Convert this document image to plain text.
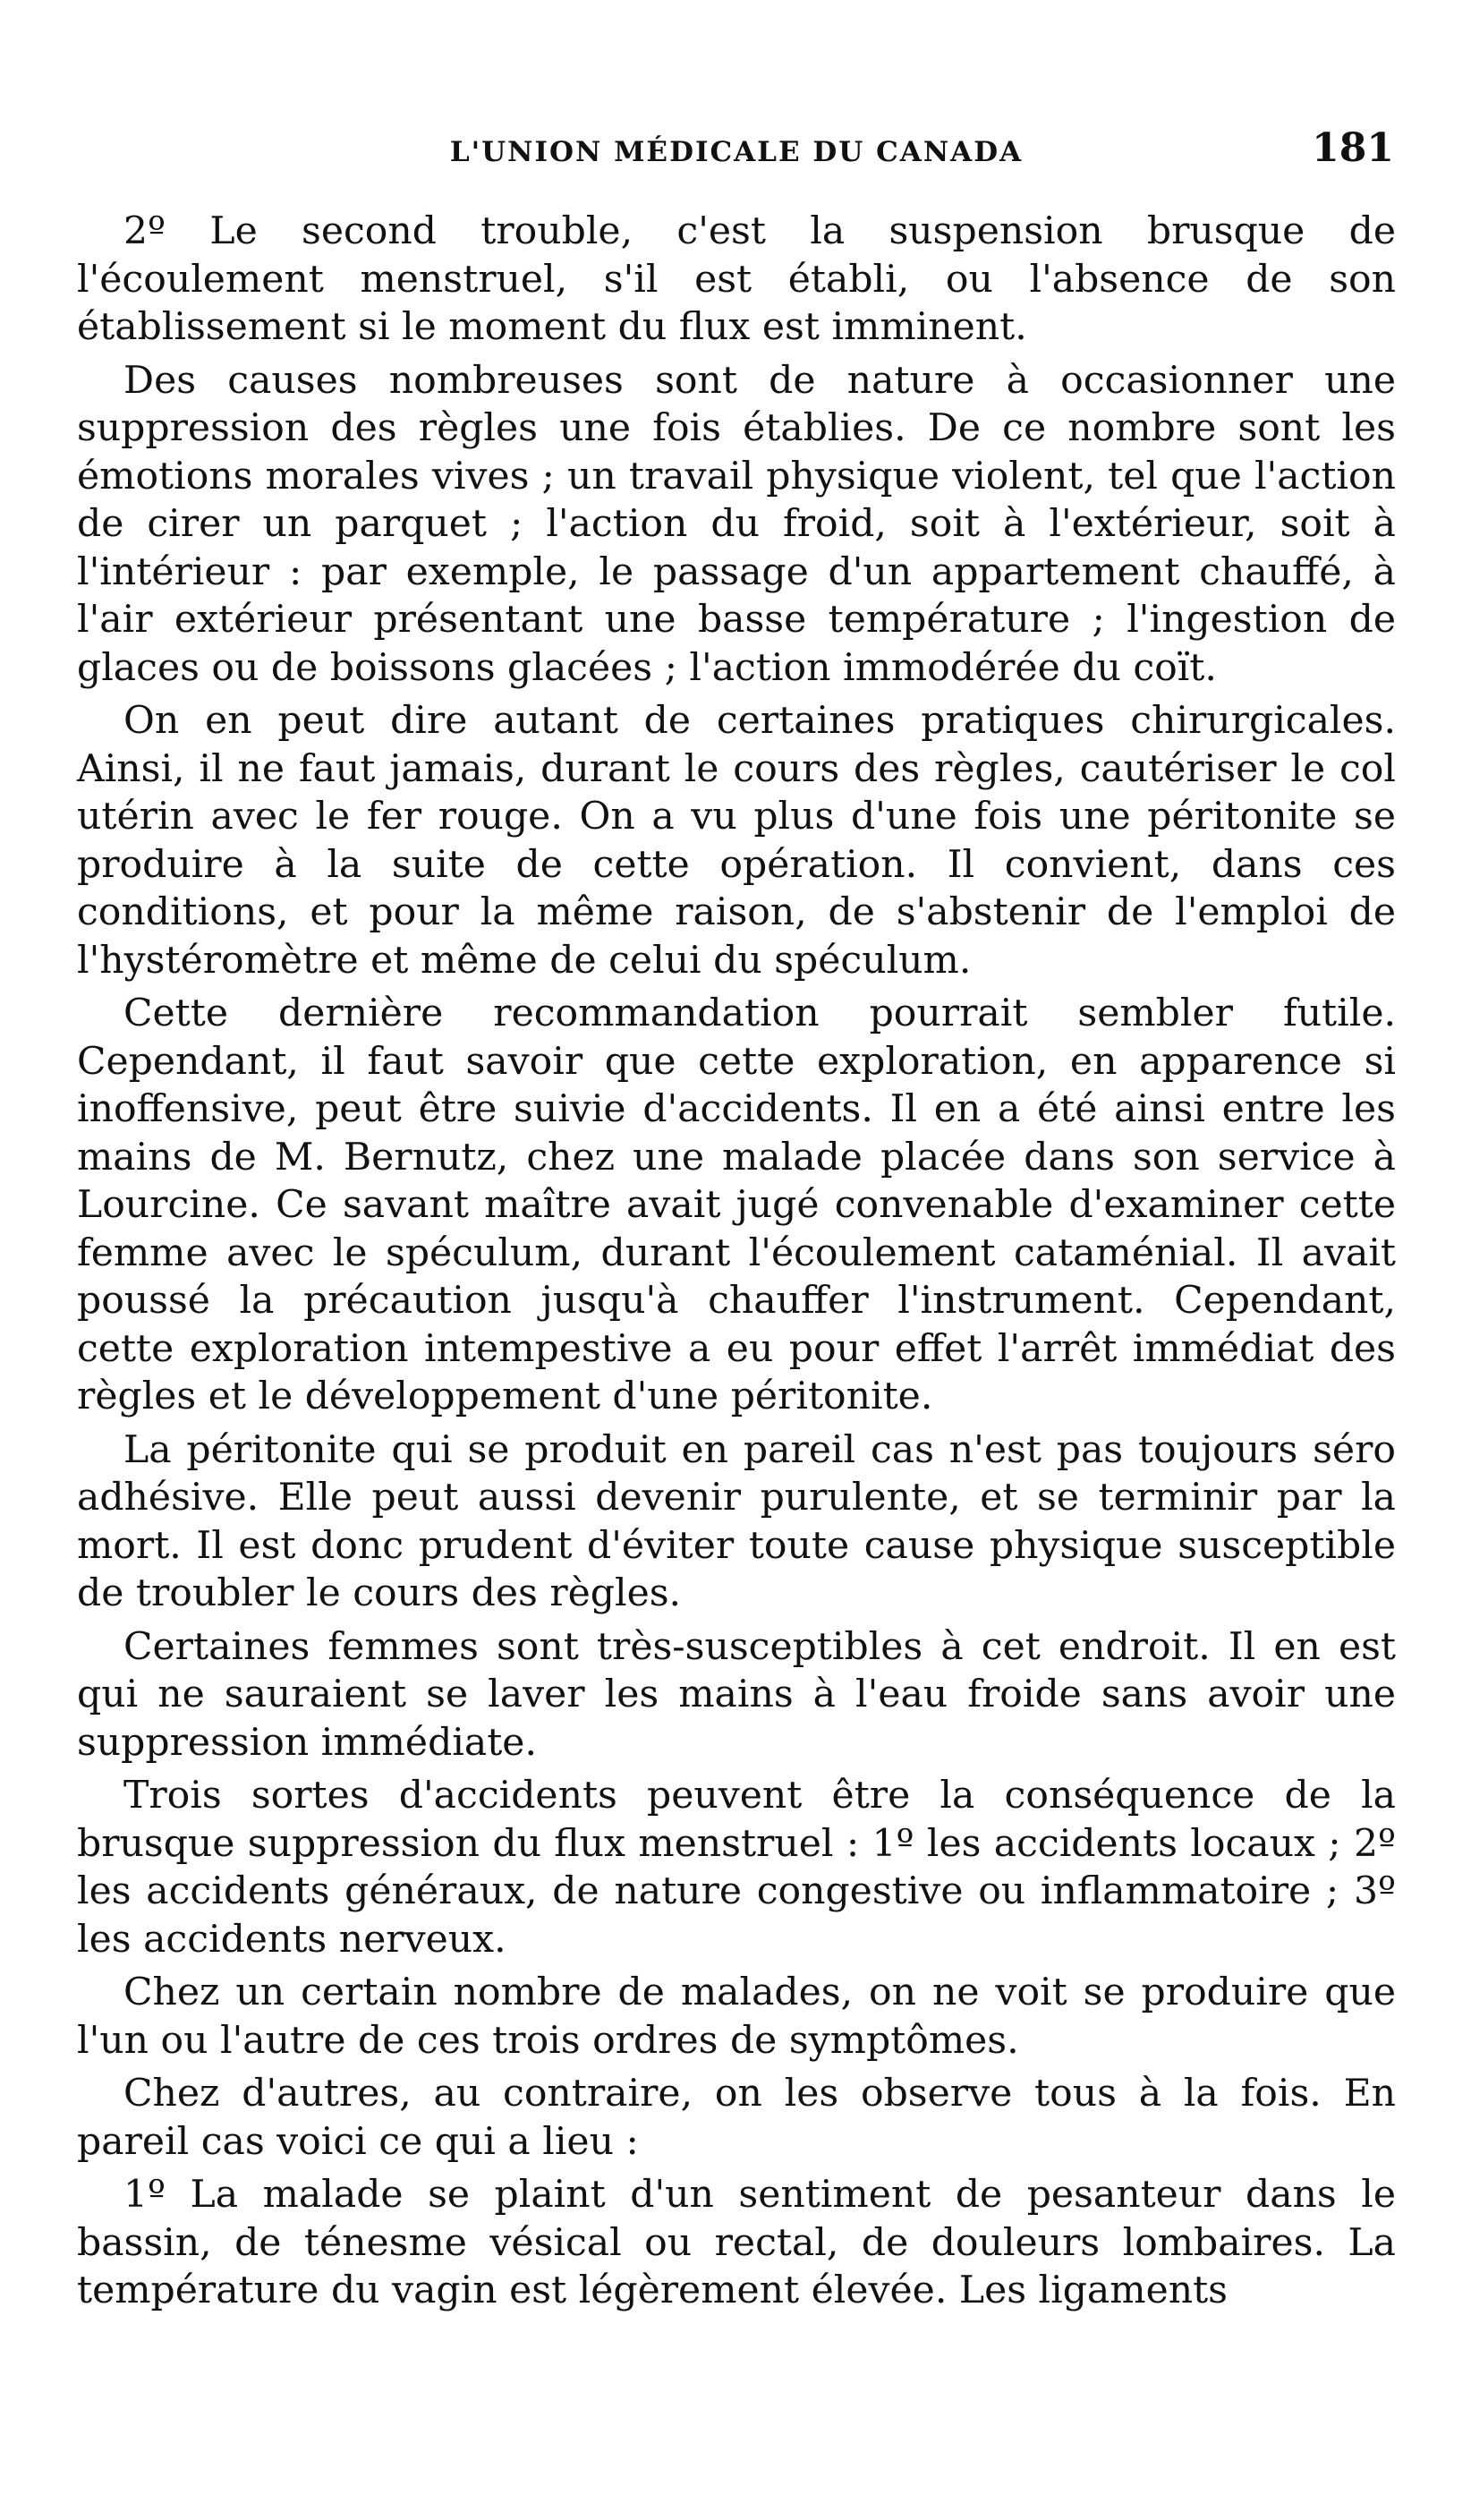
L'UNION MÉDICALE DU CANADA	181

2º Le second trouble, c'est la suspension brusque de l'écoulement menstruel, s'il est établi, ou l'absence de son établissement si le moment du flux est imminent.

Des causes nombreuses sont de nature à occasionner une suppression des règles une fois établies. De ce nombre sont les émotions morales vives ; un travail physique violent, tel que l'action de cirer un parquet ; l'action du froid, soit à l'extérieur, soit à l'intérieur : par exemple, le passage d'un appartement chauffé, à l'air extérieur présentant une basse température ; l'ingestion de glaces ou de boissons glacées ; l'action immodérée du coït.

On en peut dire autant de certaines pratiques chirurgicales. Ainsi, il ne faut jamais, durant le cours des règles, cautériser le col utérin avec le fer rouge. On a vu plus d'une fois une péritonite se produire à la suite de cette opération. Il convient, dans ces conditions, et pour la même raison, de s'abstenir de l'emploi de l'hystéromètre et même de celui du spéculum.

Cette dernière recommandation pourrait sembler futile. Cependant, il faut savoir que cette exploration, en apparence si inoffensive, peut être suivie d'accidents. Il en a été ainsi entre les mains de M. Bernutz, chez une malade placée dans son service à Lourcine. Ce savant maître avait jugé convenable d'examiner cette femme avec le spéculum, durant l'écoulement cataménial. Il avait poussé la précaution jusqu'à chauffer l'instrument. Cependant, cette exploration intempestive a eu pour effet l'arrêt immédiat des règles et le développement d'une péritonite.

La péritonite qui se produit en pareil cas n'est pas toujours séro adhésive. Elle peut aussi devenir purulente, et se terminir par la mort. Il est donc prudent d'éviter toute cause physique susceptible de troubler le cours des règles.

Certaines femmes sont très-susceptibles à cet endroit. Il en est qui ne sauraient se laver les mains à l'eau froide sans avoir une suppression immédiate.

Trois sortes d'accidents peuvent être la conséquence de la brusque suppression du flux menstruel : 1º les accidents locaux ; 2º les accidents généraux, de nature congestive ou inflammatoire ; 3º les accidents nerveux.

Chez un certain nombre de malades, on ne voit se produire que l'un ou l'autre de ces trois ordres de symptômes.

Chez d'autres, au contraire, on les observe tous à la fois. En pareil cas voici ce qui a lieu :

1º La malade se plaint d'un sentiment de pesanteur dans le bassin, de ténesme vésical ou rectal, de douleurs lombaires. La température du vagin est légèrement élevée. Les ligaments
